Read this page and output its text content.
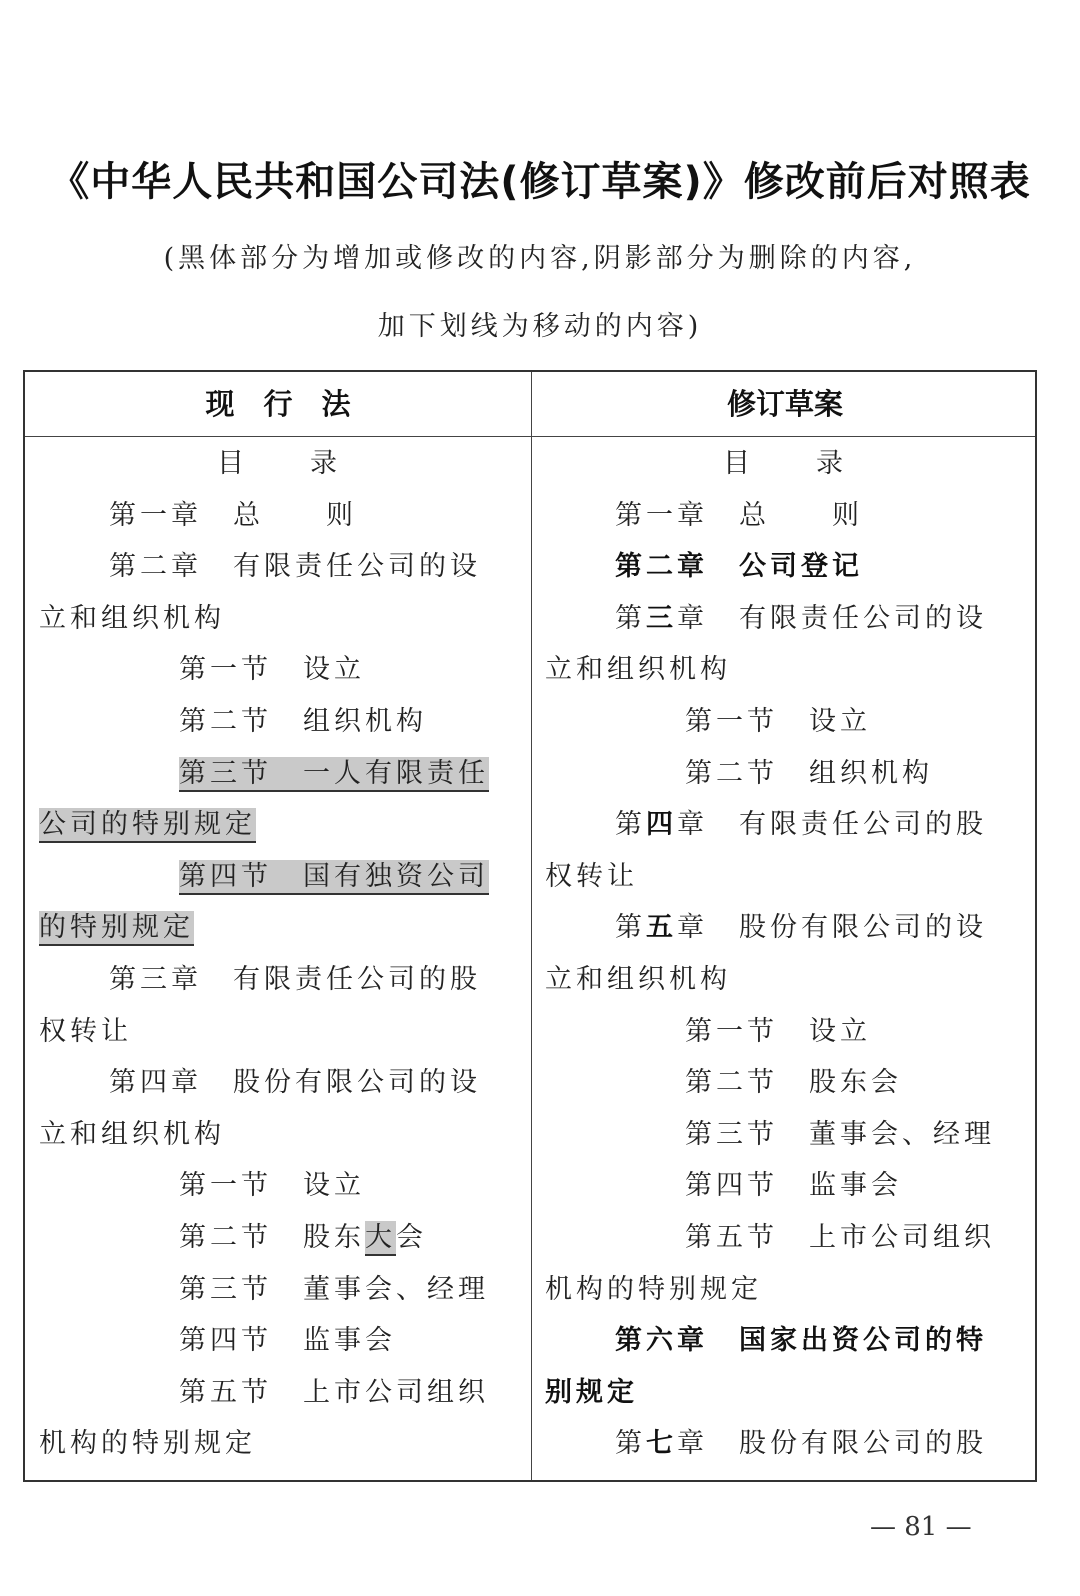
《中华人民共和国公司法(修订草案)》修改前后对照表
(黑体部分为增加或修改的内容,阴影部分为删除的内容,
加下划线为移动的内容)
现　行　法	修订草案
目　　录
第一章　总　　则
第二章　有限责任公司的设
立和组织机构
第一节　设立
第二节　组织机构
第三节　一人有限责任
公司的特别规定
第四节　国有独资公司
的特别规定
第三章　有限责任公司的股
权转让
第四章　股份有限公司的设
立和组织机构
第一节　设立
第二节　股东大会
第三节　董事会、经理
第四节　监事会
第五节　上市公司组织
机构的特别规定
目　　录
第一章　总　　则
第二章　公司登记
第三章　有限责任公司的设
立和组织机构
第一节　设立
第二节　组织机构
第四章　有限责任公司的股
权转让
第五章　股份有限公司的设
立和组织机构
第一节　设立
第二节　股东会
第三节　董事会、经理
第四节　监事会
第五节　上市公司组织
机构的特别规定
第六章　国家出资公司的特
别规定
第七章　股份有限公司的股
— 81 —
